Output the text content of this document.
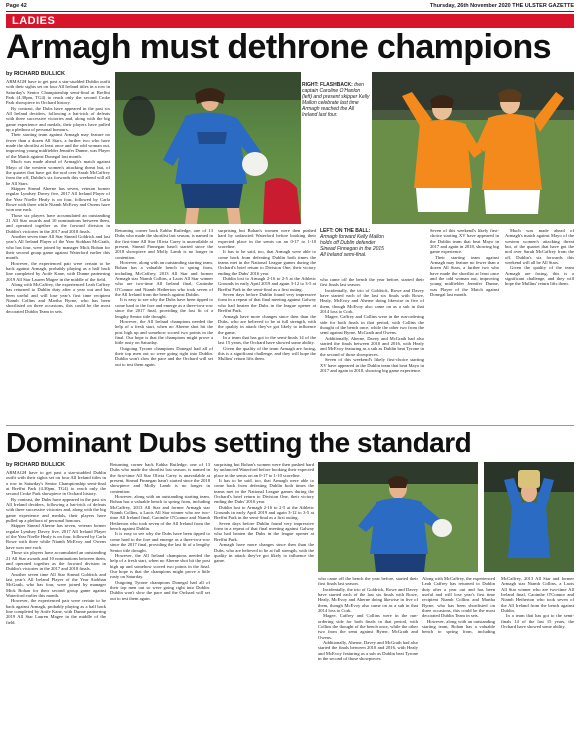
Page 42	Thursday, 26th November 2020 THE ULSTER GAZETTE
LADIES
Armagh must dethrone champions
by RICHARD BULLICK

ARMAGH have to get past a star-studded Dublin outfit with their sights set on four All Ireland titles in a row in Saturday's Senior Championship semi-final at Breffni Park (4.30pm, TG4) to reach only the second Croke Park showpiece in Orchard history.

By contrast, the Dubs have appeared in the past six All Ireland deciders, following a hat-trick of defeats with three successive victories and, along with the big game experience and medals, their players have pulled up a plethora of personal honours.

Their starting team against Armagh may feature no fewer than a dozen All Stars, a further two who have made the shortlist at least once and the odd woman out, improving young midfielder Jennifer Dunne, was Player of the Match against Donegal last month.

Much was made ahead of Armagh's match against Mayo of the western women's attacking threat but, of the quartet that have got the nod over Sarah McCaffrey from the off, Dublin's six forwards this weekend will all be All Stars.

Skipper Sinead Aherne has seven, veteran former regular Lyndsey Davey five, 2017 All Ireland Player of the Year Noelle Healy is on four, followed by Carla Rowe with three while Niamh McEvoy and Owens have won one each.

Those six players have accumulated an outstanding 21 All Star awards and 10 nominations between them, and operated together as the forward division in Dublin's victories in the 2017 and 2018 finals.

Another seven time All Star Sinead Goldrick and last year's All Ireland Player of the Year Siobhan McGrath, who has four, were joined by manager Mick Bohan for their second group game against Waterford earlier this month.

However, the experienced pair were certain to be back against Armagh, probably playing as a half back line completed by Aoife Kane, with Dunne partnering 2019 All Star Lauren Magee in the middle of the field.

Along with McCaffrey, the experienced Leah Caffrey has returned to Dublin duty after a year out and has been useful and will lose year's first time recipient Niamh Collins and Martha Byrne, who has been shortlisted on three occasions, this could be the most decorated Dublin Team in sets.

RIGHT: FLASHBACK: then captain Caroline O'Hanlon (left) and present skipper Kelly Mallon celebrate last time Armagh reached the All Ireland last four.

Returning corner back Eabha Rutledge, one of 13 Dubs who made the shortlist last season, is named in the first-time All Star Olivia Carey is unavailable at present, Sinead Finnegan hasn't started since the 2018 showpiece and Molly Lamb is no longer in contention.

However, along with an outstanding starting team, Bohan has a valuable bench to spring from, including McCaffrey, 2013 All Star and former Armagh star Niamh Collins, a Laois All Star winner who are two-time All Ireland final, Caoimhe O'Connor and Niamh Hetherton who took seven of the All Ireland from the bench against Dublin.

It is easy to see why the Dubs have been tipped to come hard to the fore and emerge as a three-in-a-row since the 2017 final, providing the last fit of a lengthy Senior title drought.

However, the All Ireland champions needed the help of a fresh start, when no Aherne shot hit the post high up and somehow scored two points in the final. Our hope is that the champions might prove a little rusty on Saturday.

Outgoing Tyrone champions Donegal had all of their top men out so were going right into Dublin. Dublin won't slow the pace and the Orchard will set out to test them again.

surprising but Bohan's women were then pushed hard by unfancied Waterford before booking their expected place in the semis on an 0-17 to 1-10 scoreline.

It has to be said, too, that Armagh were able to come back from defeating Dublin both times the teams met in the National League games during the Orchard's brief return to Division One, their victory ending the Dubs' 2016 year.

Dublin lost to Armagh 2-16 to 2-5 at the Athletic Grounds in early April 2019 and again 3-12 to 3-5 at Breffni Park in the semi-final as a first outing.

Seven days before Dublin found very impressive form in a repeat of that final meeting against Galway who had beaten the Dubs in the league opener at Breffni Park.

Armagh have more changes since then than the Dubs, who are believed to be at full strength, with the quality in attack they've got likely to influence the game.

In a team that has got to the semi-finals 14 of the last 15 years, the Orchard have showed some ability.

Given the quality of the team Armagh are facing, this is a significant challenge, and they will hope the Mullins' return lifts them.

LEFT: ON THE BALL: Armagh forward Kelly Mallon holds off Dublin defender Sinead Finnegan in the 2015 All Ireland semi-final.

who came off the bench the year before, started their first finals last season.

Incidentally, the trio of Goldrick, Rowe and Davey have started each of the last six finals with Rowe, Healy, McEvoy and Aherne doing likewise in five of them, though McEvoy also came on as a sub in that 2014 loss to Cork.

Magee, Caffrey and Collins were in the run-ordering side for both finals in that period, with Collins the thought of the bench once, while the other two from the semi against Byrne, McGrath and Owens.

Additionally, Aherne, Davey and McGrath had also started the finals between 2010 and 2016, with Healy and McEvoy featuring as a sub as Dublin beat Tyrone in the second of those showpieces.

Seven of this weekend's likely first-choice starting XV have appeared in the Dublin team that beat Mayo in 2017 and again in 2018, showing big game experience.

Seven of this weekend's likely first-choice starting XV have appeared in the Dublin team that beat Mayo in 2017 and again in 2018, showing big game experience.

Their starting team against Armagh may feature no fewer than a dozen All Stars, a further two who have made the shortlist at least once and the odd woman out, improving young midfielder Jennifer Dunne, was Player of the Match against Donegal last month.

Much was made ahead of Armagh's match against Mayo of the western women's attacking threat but, of the quartet that have got the nod over Sarah McCaffrey from the off, Dublin's six forwards this weekend will all be All Stars.

Given the quality of the team Armagh are facing, this is a significant challenge, and they will hope the Mullins' return lifts them.

Dominant Dubs setting the standard
by RICHARD BULLICK

ARMAGH have to get past a star-studded Dublin outfit with their sights set on four All Ireland titles in a row in Saturday's Senior Championship semi-final at Breffni Park (4.30pm, TG4) to reach only the second Croke Park showpiece in Orchard history.

By contrast, the Dubs have appeared in the past six All Ireland deciders, following a hat-trick of defeats with three successive victories and, along with the big game experience and medals, their players have pulled up a plethora of personal honours.

Skipper Sinead Aherne has seven, veteran former regular Lyndsey Davey five, 2017 All Ireland Player of the Year Noelle Healy is on four, followed by Carla Rowe with three while Niamh McEvoy and Owens have won one each.

Those six players have accumulated an outstanding 21 All Star awards and 10 nominations between them, and operated together as the forward division in Dublin's victories in the 2017 and 2018 finals.

Another seven time All Star Sinead Goldrick and last year's All Ireland Player of the Year Siobhan McGrath, who has four, were joined by manager Mick Bohan for their second group game against Waterford earlier this month.

However, the experienced pair were certain to be back against Armagh, probably playing as a half back line completed by Aoife Kane, with Dunne partnering 2019 All Star Lauren Magee in the middle of the field.

Returning corner back Eabha Rutledge, one of 13 Dubs who made the shortlist last season, is named in the first-time All Star Olivia Carey is unavailable at present, Sinead Finnegan hasn't started since the 2018 showpiece and Molly Lamb is no longer in contention.

However, along with an outstanding starting team, Bohan has a valuable bench to spring from, including McCaffrey, 2013 All Star and former Armagh star Niamh Collins, a Laois All Star winner who are two-time All Ireland final, Caoimhe O'Connor and Niamh Hetherton who took seven of the All Ireland from the bench against Dublin.

It is easy to see why the Dubs have been tipped to come hard to the fore and emerge as a three-in-a-row since the 2017 final, providing the last fit of a lengthy Senior title drought.

However, the All Ireland champions needed the help of a fresh start, when no Aherne shot hit the post high up and somehow scored two points in the final. Our hope is that the champions might prove a little rusty on Saturday.

Outgoing Tyrone champions Donegal had all of their top men out so were going right into Dublin. Dublin won't slow the pace and the Orchard will set out to test them again.

surprising but Bohan's women were then pushed hard by unfancied Waterford before booking their expected place in the semis on an 0-17 to 1-10 scoreline.

It has to be said, too, that Armagh were able to come back from defeating Dublin both times the teams met in the National League games during the Orchard's brief return to Division One, their victory ending the Dubs' 2016 year.

Dublin lost to Armagh 2-16 to 2-5 at the Athletic Grounds in early April 2019 and again 3-12 to 3-5 at Breffni Park in the semi-final as a first outing.

Seven days before Dublin found very impressive form in a repeat of that final meeting against Galway who had beaten the Dubs in the league opener at Breffni Park.

Armagh have more changes since then than the Dubs, who are believed to be at full strength, with the quality in attack they've got likely to influence the game.

who came off the bench the year before, started their first finals last season.

Incidentally, the trio of Goldrick, Rowe and Davey have started each of the last six finals with Rowe, Healy, McEvoy and Aherne doing likewise in five of them, though McEvoy also came on as a sub in that 2014 loss to Cork.

Magee, Caffrey and Collins were in the run-ordering side for both finals in that period, with Collins the thought of the bench once, while the other two from the semi against Byrne, McGrath and Owens.

Additionally, Aherne, Davey and McGrath had also started the finals between 2010 and 2016, with Healy and McEvoy featuring as a sub as Dublin beat Tyrone in the second of those showpieces.

Along with McCaffrey, the experienced Leah Caffrey has returned to Dublin duty after a year out and has been useful and will lose year's first time recipient Niamh Collins and Martha Byrne, who has been shortlisted on three occasions, this could be the most decorated Dublin Team in sets.

However, along with an outstanding starting team, Bohan has a valuable bench to spring from, including McCaffrey, 2013 All Star and former Armagh star Niamh Collins, a Laois All Star winner who are two-time All Ireland final, Caoimhe O'Connor and Niamh Hetherton who took seven of the All Ireland from the bench against Dublin.

In a team that has got to the semi-finals 14 of the last 15 years, the Orchard have showed some ability.
